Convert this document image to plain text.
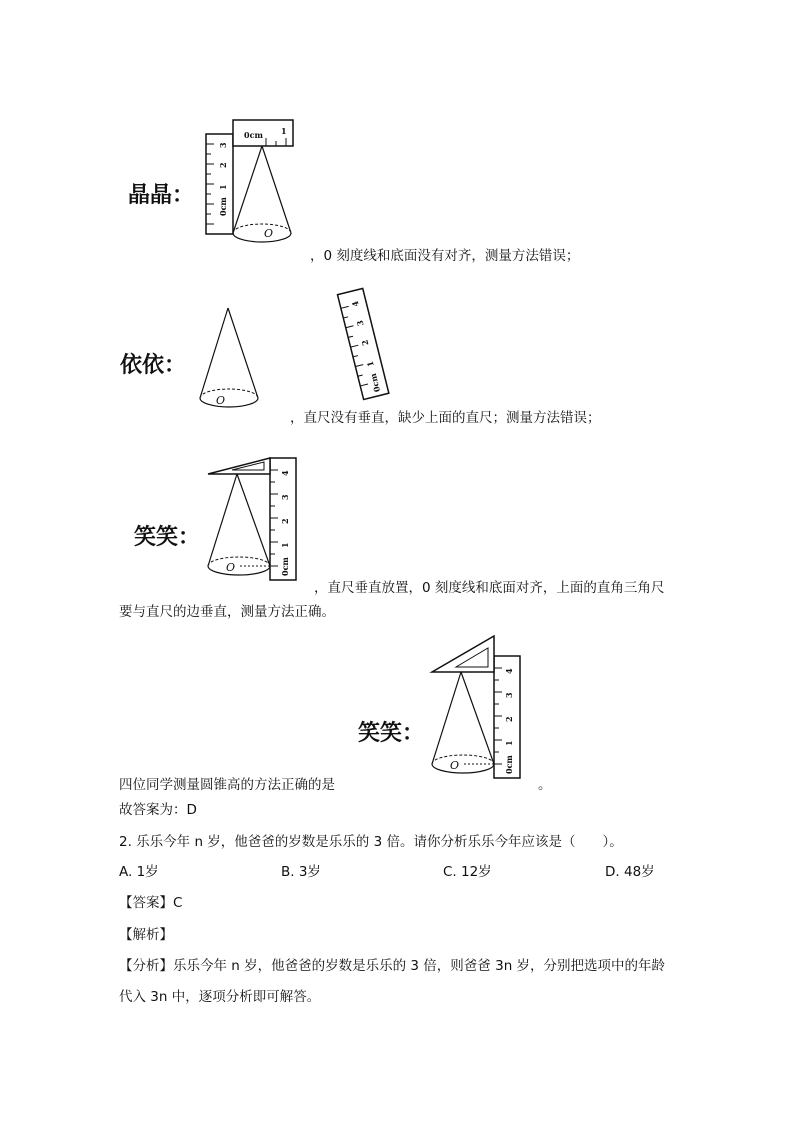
晶晶：	0cm
1
2
3
0cm 1
O
，0 刻度线和底面没有对齐，测量方法错误；
依依：
0cm
1
2
3
4
O
，直尺没有垂直，缺少上面的直尺；测量方法错误；
笑笑：
0cm
1
2
3
4
O
，直尺垂直放置，0 刻度线和底面对齐，上面的直角三角尺
要与直尺的边垂直，测量方法正确。
笑笑：
0cm
1
2
3
4
O
四位同学测量圆锥高的方法正确的是	。
故答案为：D
2. 乐乐今年 n 岁，他爸爸的岁数是乐乐的 3 倍。请你分析乐乐今年应该是（　　）。
A. 1岁	B. 3岁	C. 12岁	D. 48岁
【答案】C
【解析】
【分析】乐乐今年 n 岁，他爸爸的岁数是乐乐的 3 倍，则爸爸 3n 岁，分别把选项中的年龄
代入 3n 中，逐项分析即可解答。
